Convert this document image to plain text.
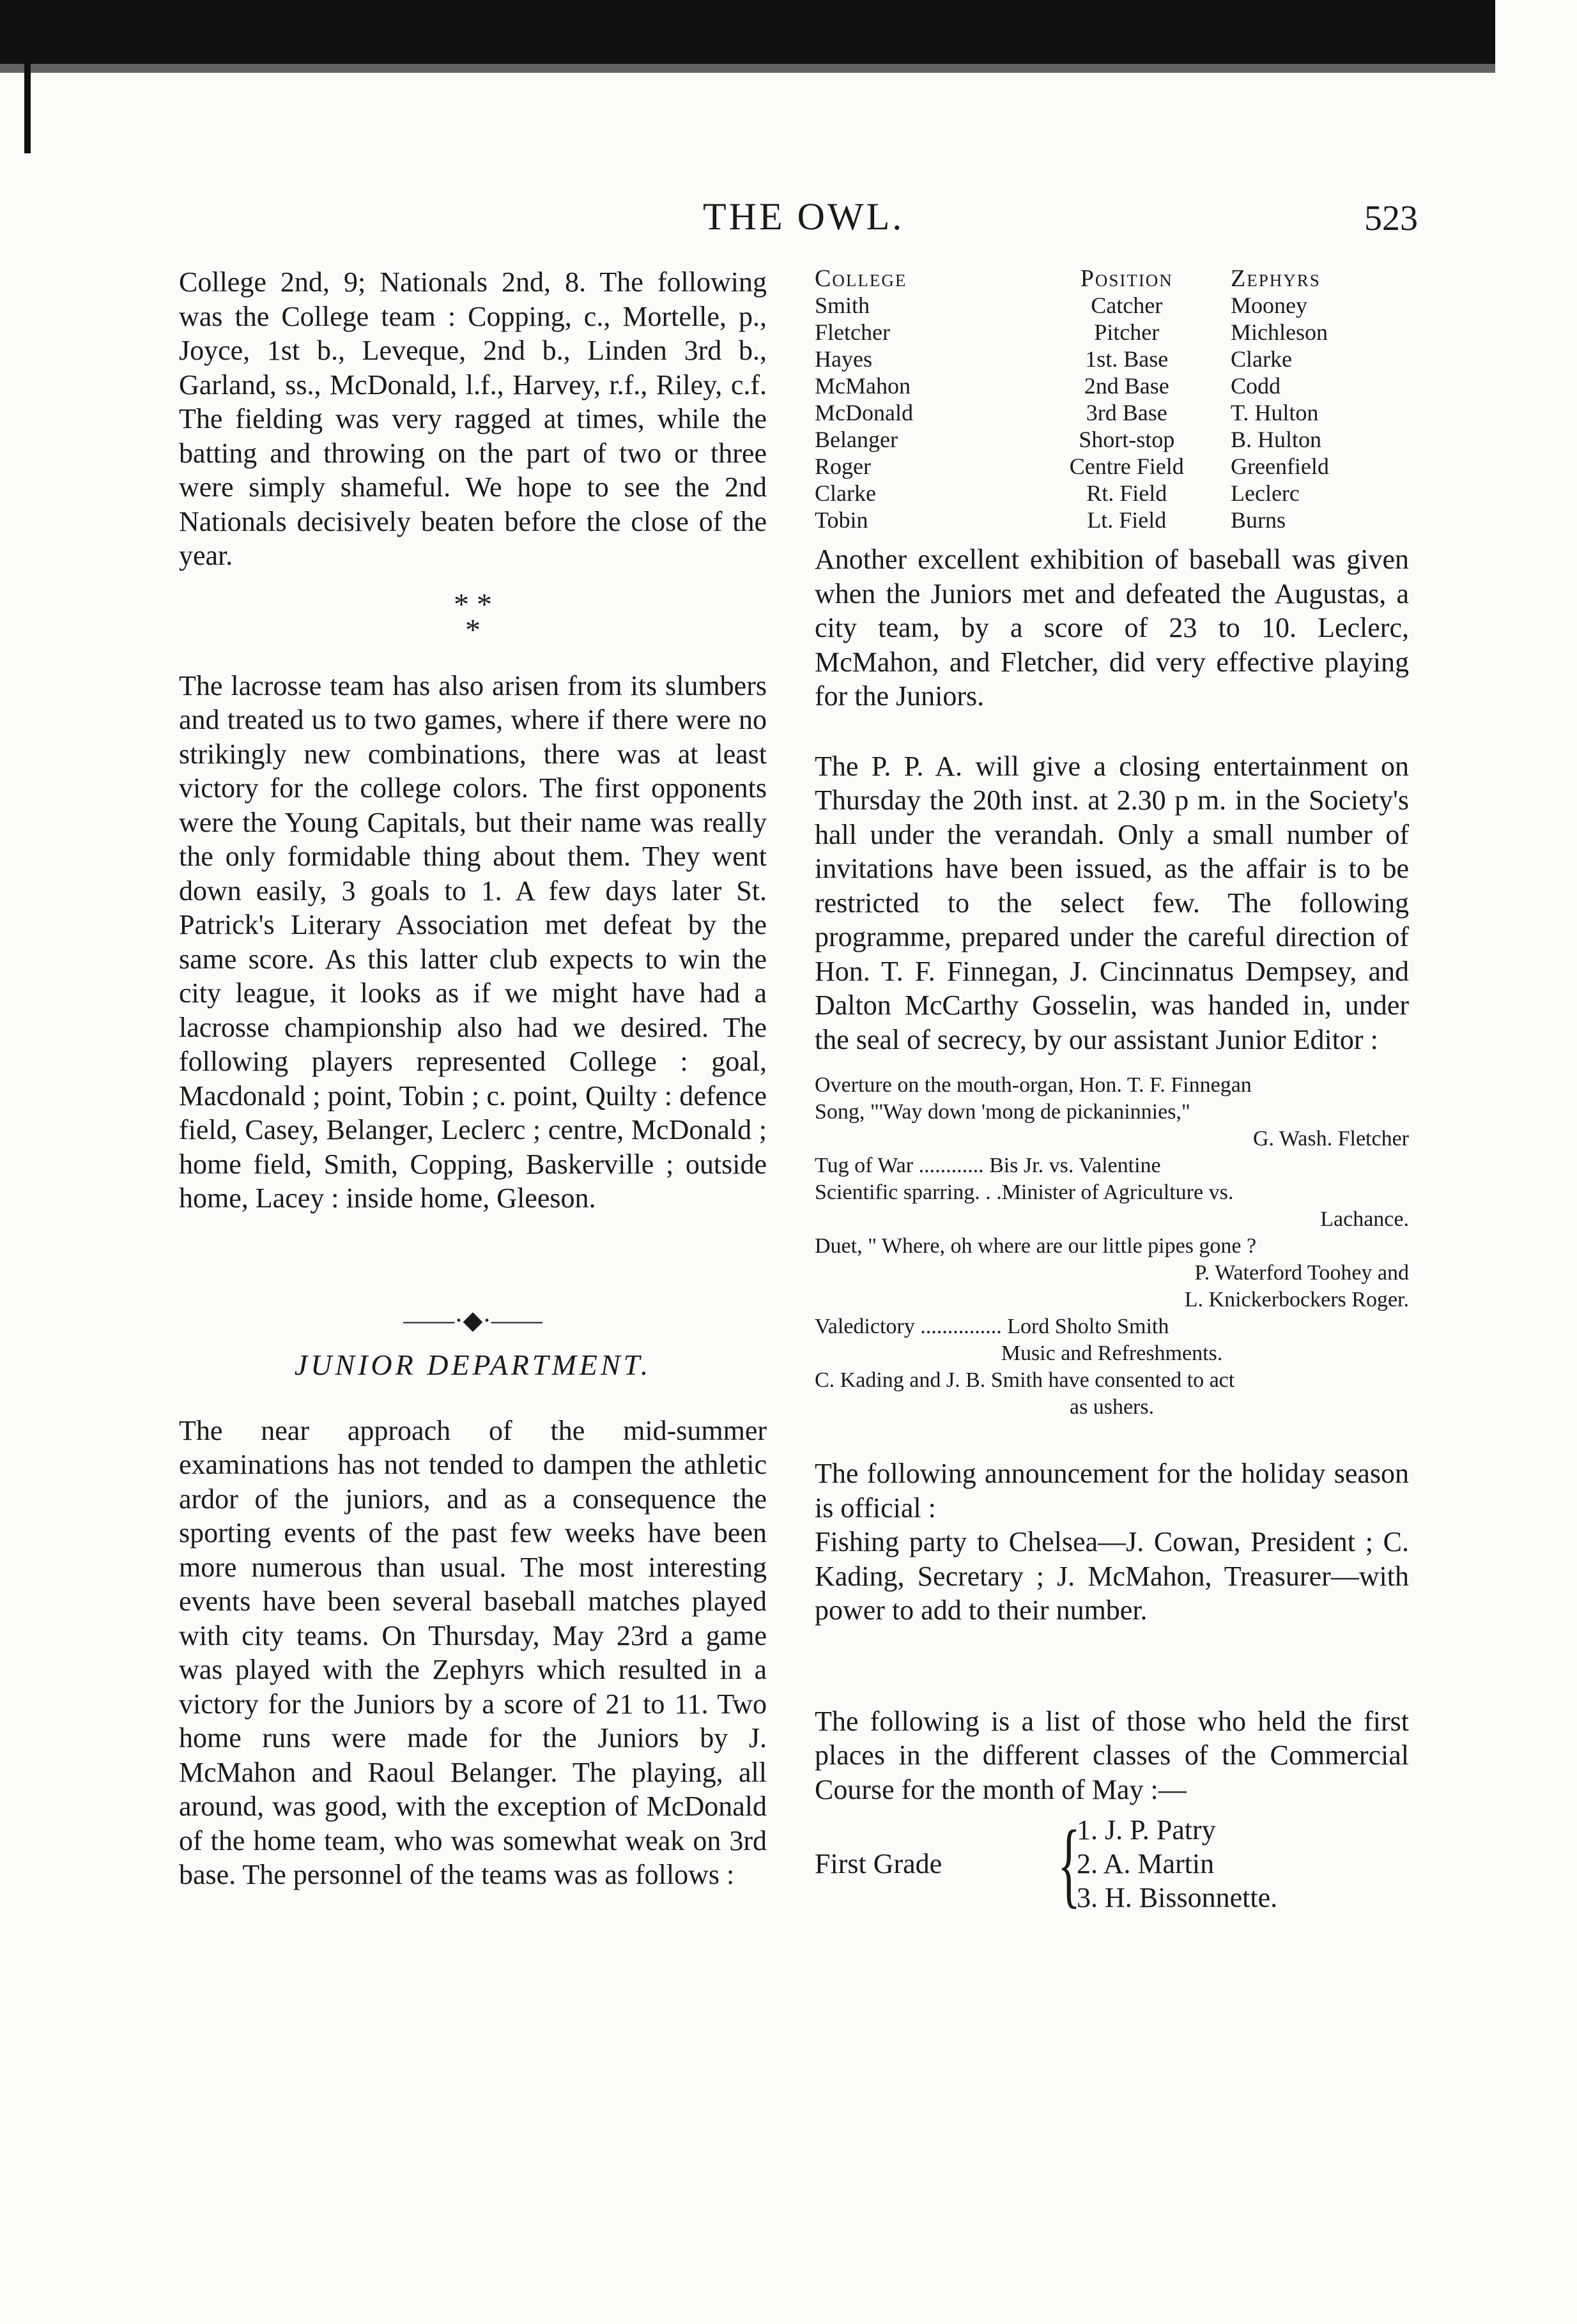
THE OWL.	523

College 2nd, 9; Nationals 2nd, 8. The following was the College team : Copping, c., Mortelle, p., Joyce, 1st b., Leveque, 2nd b., Linden 3rd b., Garland, ss., McDonald, l.f., Harvey, r.f., Riley, c.f. The fielding was very ragged at times, while the batting and throwing on the part of two or three were simply shameful. We hope to see the 2nd Nationals decisively beaten before the close of the year.

* *
*

The lacrosse team has also arisen from its slumbers and treated us to two games, where if there were no strikingly new combinations, there was at least victory for the college colors. The first opponents were the Young Capitals, but their name was really the only formidable thing about them. They went down easily, 3 goals to 1. A few days later St. Patrick's Literary Association met defeat by the same score. As this latter club expects to win the city league, it looks as if we might have had a lacrosse championship also had we desired. The following players represented College : goal, Macdonald ; point, Tobin ; c. point, Quilty : defence field, Casey, Belanger, Leclerc ; centre, McDonald ; home field, Smith, Copping, Baskerville ; outside home, Lacey : inside home, Gleeson.

——·◆·——
JUNIOR DEPARTMENT.

The near approach of the mid-summer examinations has not tended to dampen the athletic ardor of the juniors, and as a consequence the sporting events of the past few weeks have been more numerous than usual. The most interesting events have been several baseball matches played with city teams. On Thursday, May 23rd a game was played with the Zephyrs which resulted in a victory for the Juniors by a score of 21 to 11. Two home runs were made for the Juniors by J. McMahon and Raoul Belanger. The playing, all around, was good, with the exception of McDonald of the home team, who was somewhat weak on 3rd base. The personnel of the teams was as follows :

College	Position	Zephyrs
Smith	Catcher	Mooney
Fletcher	Pitcher	Michleson
Hayes	1st. Base	Clarke
McMahon	2nd Base	Codd
McDonald	3rd Base	T. Hulton
Belanger	Short-stop	B. Hulton
Roger	Centre Field	Greenfield
Clarke	Rt. Field	Leclerc
Tobin	Lt. Field	Burns

Another excellent exhibition of baseball was given when the Juniors met and defeated the Augustas, a city team, by a score of 23 to 10. Leclerc, McMahon, and Fletcher, did very effective playing for the Juniors.

The P. P. A. will give a closing entertainment on Thursday the 20th inst. at 2.30 p m. in the Society's hall under the verandah. Only a small number of invitations have been issued, as the affair is to be restricted to the select few. The following programme, prepared under the careful direction of Hon. T. F. Finnegan, J. Cincinnatus Dempsey, and Dalton McCarthy Gosselin, was handed in, under the seal of secrecy, by our assistant Junior Editor :

Overture on the mouth-organ, Hon. T. F. Finnegan
Song, "'Way down 'mong de pickaninnies,"
G. Wash. Fletcher
Tug of War ............ Bis Jr. vs. Valentine
Scientific sparring. . .Minister of Agriculture vs.
Lachance.
Duet, " Where, oh where are our little pipes gone ?
P. Waterford Toohey and
L. Knickerbockers Roger.
Valedictory ............... Lord Sholto Smith
Music and Refreshments.
C. Kading and J. B. Smith have consented to act
as ushers.

The following announcement for the holiday season is official :

Fishing party to Chelsea—J. Cowan, President ; C. Kading, Secretary ; J. McMahon, Treasurer—with power to add to their number.

The following is a list of those who held the first places in the different classes of the Commercial Course for the month of May :—

First Grade	{
1. J. P. Patry
2. A. Martin
3. H. Bissonnette.
